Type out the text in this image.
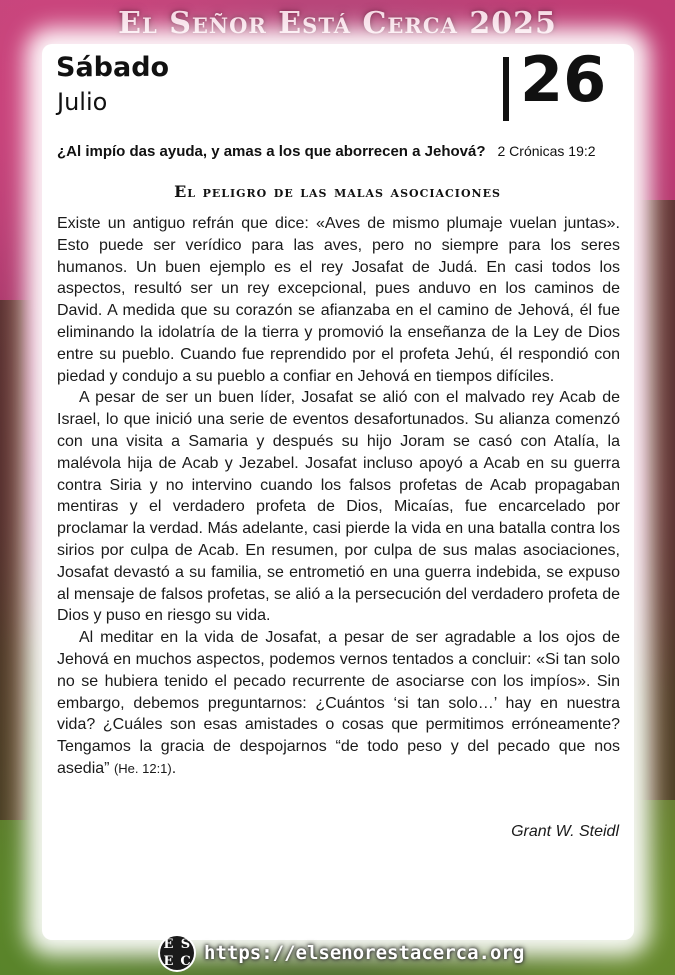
El Señor Está Cerca 2025
Sábado
Julio	26
¿Al impío das ayuda, y amas a los que aborrecen a Jehová? 2 Crónicas 19:2
El peligro de las malas asociaciones

Existe un antiguo refrán que dice: «Aves de mismo plumaje vuelan juntas». Esto puede ser verídico para las aves, pero no siempre para los seres humanos. Un buen ejemplo es el rey Josafat de Judá. En casi todos los aspectos, resultó ser un rey excepcional, pues anduvo en los caminos de David. A medida que su corazón se afianzaba en el camino de Jehová, él fue eliminando la idolatría de la tierra y promovió la enseñanza de la Ley de Dios entre su pueblo. Cuando fue reprendido por el profeta Jehú, él respondió con piedad y condujo a su pueblo a confiar en Jehová en tiempos difíciles.

A pesar de ser un buen líder, Josafat se alió con el malvado rey Acab de Israel, lo que inició una serie de eventos desafortunados. Su alianza comenzó con una visita a Samaria y después su hijo Joram se casó con Atalía, la malévola hija de Acab y Jezabel. Josafat incluso apoyó a Acab en su guerra contra Siria y no intervino cuando los falsos profetas de Acab propagaban mentiras y el verdadero profeta de Dios, Micaías, fue encarcelado por proclamar la verdad. Más adelante, casi pierde la vida en una batalla contra los sirios por culpa de Acab. En resumen, por culpa de sus malas asociaciones, Josafat devastó a su familia, se entrometió en una guerra indebida, se expuso al mensaje de falsos profetas, se alió a la persecución del verdadero profeta de Dios y puso en riesgo su vida.

Al meditar en la vida de Josafat, a pesar de ser agradable a los ojos de Jehová en muchos aspectos, podemos vernos tentados a concluir: «Si tan solo no se hubiera tenido el pecado recurrente de asociarse con los impíos». Sin embargo, debemos preguntarnos: ¿Cuántos ‘si tan solo…’ hay en nuestra vida? ¿Cuáles son esas amistades o cosas que permitimos erróneamente? Tengamos la gracia de despojarnos “de todo peso y del pecado que nos asedia” (He. 12:1).

Grant W. Steidl
E S
E C https://elsenorestacerca.org
